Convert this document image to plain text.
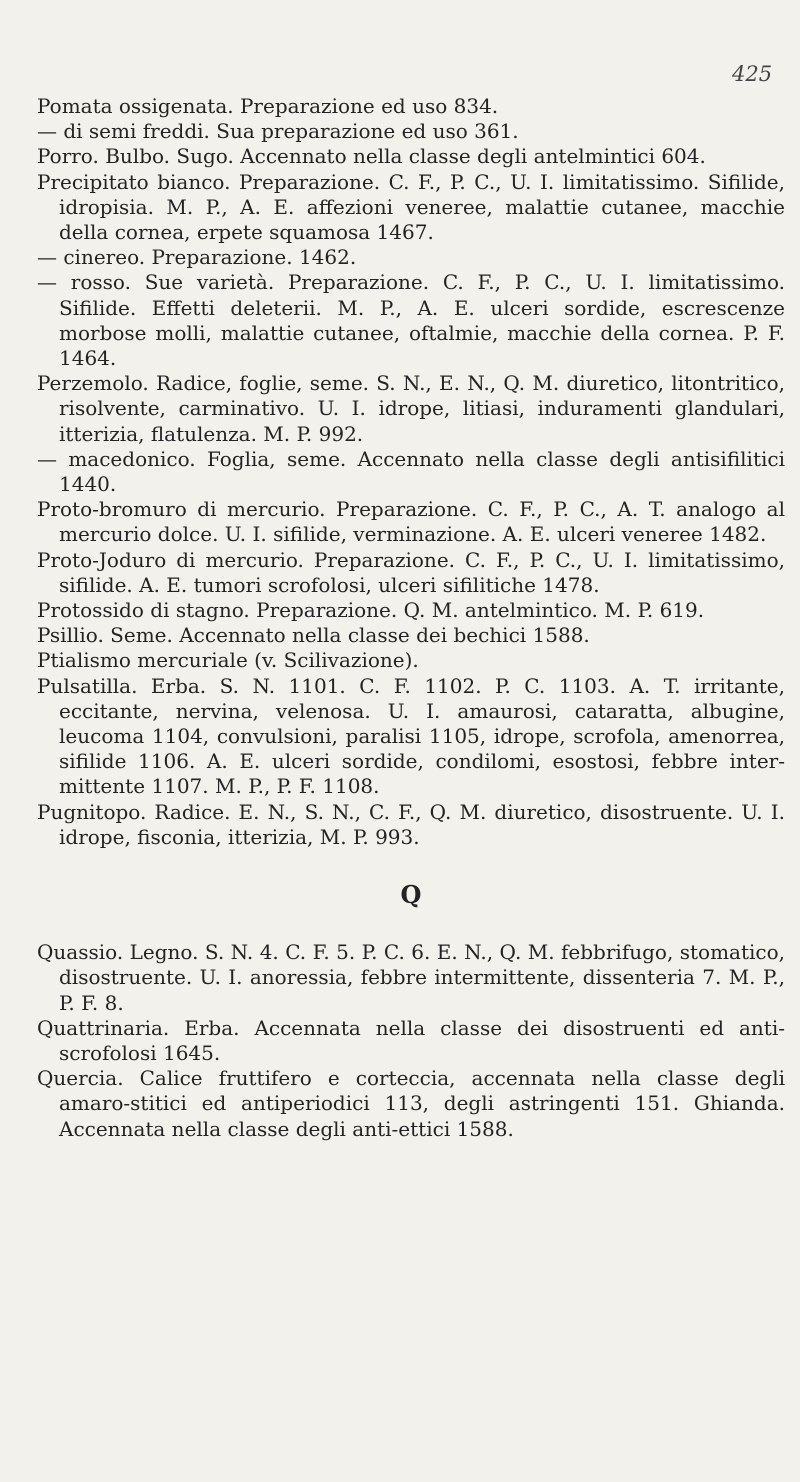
425

Pomata ossigenata. Preparazione ed uso 834.

— di semi freddi. Sua preparazione ed uso 361.

Porro. Bulbo. Sugo. Accennato nella classe degli antelmintici 604.

Precipitato bianco. Preparazione. C. F., P. C., U. I. limitatissimo. Sifilide, idropisia. M. P., A. E. affezioni veneree, malattie cutanee, macchie della cornea, erpete squamosa 1467.

— cinereo. Preparazione. 1462.

— rosso. Sue varietà. Preparazione. C. F., P. C., U. I. limitatissimo. Sifilide. Effetti deleterii. M. P., A. E. ulceri sordide, escrescenze morbose molli, malattie cutanee, oftalmie, macchie della cornea. P. F. 1464.

Perzemolo. Radice, foglie, seme. S. N., E. N., Q. M. diuretico, litontritico, risolvente, carminativo. U. I. idrope, litiasi, induramenti glandulari, itterizia, flatulenza. M. P. 992.

— macedonico. Foglia, seme. Accennato nella classe degli antisifilitici 1440.

Proto-bromuro di mercurio. Preparazione. C. F., P. C., A. T. analogo al mercurio dolce. U. I. sifilide, verminazione. A. E. ulceri veneree 1482.

Proto-Joduro di mercurio. Preparazione. C. F., P. C., U. I. limitatissimo, sifilide. A. E. tumori scrofolosi, ulceri sifilitiche 1478.

Protossido di stagno. Preparazione. Q. M. antelmintico. M. P. 619.

Psillio. Seme. Accennato nella classe dei bechici 1588.

Ptialismo mercuriale (v. Scilivazione).

Pulsatilla. Erba. S. N. 1101. C. F. 1102. P. C. 1103. A. T. irritante, eccitante, nervina, velenosa. U. I. amaurosi, cataratta, albugine, leucoma 1104, convulsioni, paralisi 1105, idrope, scrofola, amenorrea, sifilide 1106. A. E. ulceri sordide, condilomi, esostosi, febbre intermittente 1107. M. P., P. F. 1108.

Pugnitopo. Radice. E. N., S. N., C. F., Q. M. diuretico, disostruente. U. I. idrope, fisconia, itterizia, M. P. 993.

Q

Quassio. Legno. S. N. 4. C. F. 5. P. C. 6. E. N., Q. M. febbrifugo, stomatico, disostruente. U. I. anoressia, febbre intermittente, dissenteria 7. M. P., P. F. 8.

Quattrinaria. Erba. Accennata nella classe dei disostruenti ed anti-scrofolosi 1645.

Quercia. Calice fruttifero e corteccia, accennata nella classe degli amaro-stitici ed antiperiodici 113, degli astringenti 151. Ghianda. Accennata nella classe degli anti-ettici 1588.
